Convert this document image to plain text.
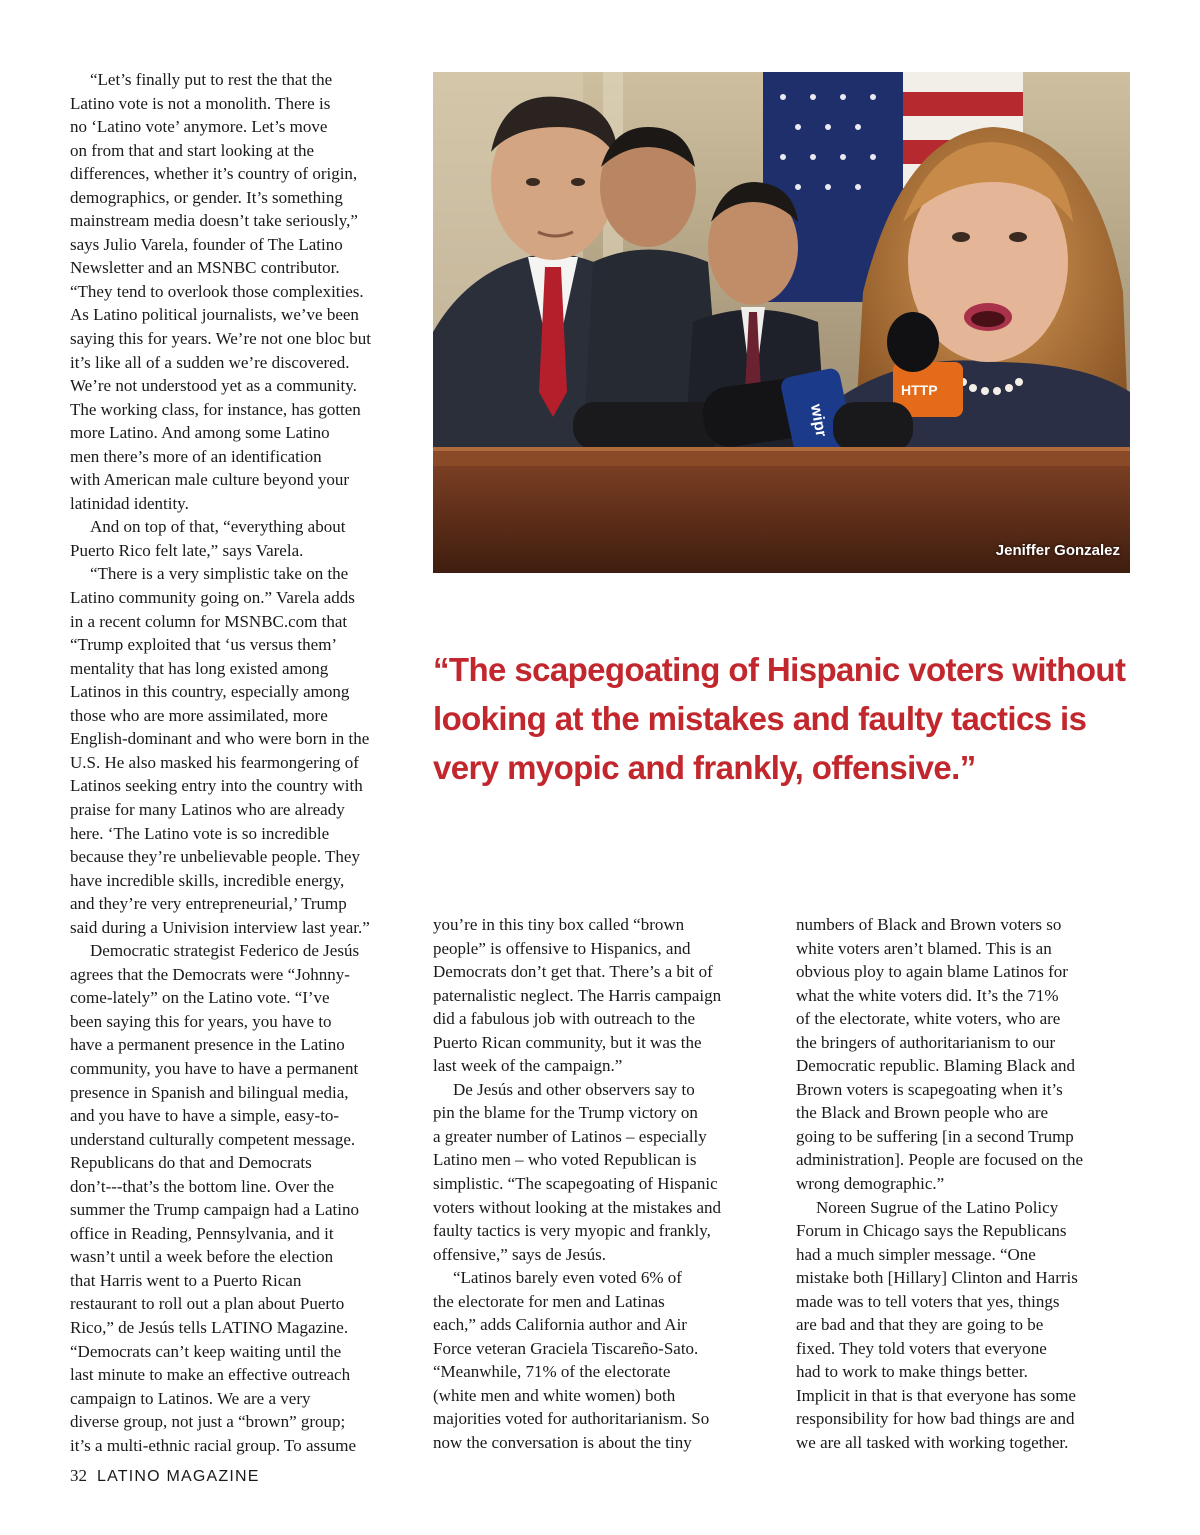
“Let’s finally put to rest the that the
Latino vote is not a monolith. There is
no ‘Latino vote’ anymore. Let’s move
on from that and start looking at the
differences, whether it’s country of origin,
demographics, or gender. It’s something
mainstream media doesn’t take seriously,”
says Julio Varela, founder of The Latino
Newsletter and an MSNBC contributor.
“They tend to overlook those complexities.
As Latino political journalists, we’ve been
saying this for years. We’re not one bloc but
it’s like all of a sudden we’re discovered.
We’re not understood yet as a community.
The working class, for instance, has gotten
more Latino. And among some Latino
men there’s more of an identification
with American male culture beyond your
latinidad identity.

And on top of that, “everything about
Puerto Rico felt late,” says Varela.

“There is a very simplistic take on the
Latino community going on.” Varela adds
in a recent column for MSNBC.com that
“Trump exploited that ‘us versus them’
mentality that has long existed among
Latinos in this country, especially among
those who are more assimilated, more
English-dominant and who were born in the
U.S. He also masked his fearmongering of
Latinos seeking entry into the country with
praise for many Latinos who are already
here. ‘The Latino vote is so incredible
because they’re unbelievable people. They
have incredible skills, incredible energy,
and they’re very entrepreneurial,’ Trump
said during a Univision interview last year.”

Democratic strategist Federico de Jesús
agrees that the Democrats were “Johnny-
come-lately” on the Latino vote. “I’ve
been saying this for years, you have to
have a permanent presence in the Latino
community, you have to have a permanent
presence in Spanish and bilingual media,
and you have to have a simple, easy-to-
understand culturally competent message.
Republicans do that and Democrats
don’t---that’s the bottom line. Over the
summer the Trump campaign had a Latino
office in Reading, Pennsylvania, and it
wasn’t until a week before the election
that Harris went to a Puerto Rican
restaurant to roll out a plan about Puerto
Rico,” de Jesús tells LATINO Magazine.
“Democrats can’t keep waiting until the
last minute to make an effective outreach
campaign to Latinos. We are a very
diverse group, not just a “brown” group;
it’s a multi-ethnic racial group. To assume

wipr
HTTP
Jeniffer Gonzalez

“The scapegoating of Hispanic voters without looking at the mistakes and faulty tactics is very myopic and frankly, offensive.”

you’re in this tiny box called “brown
people” is offensive to Hispanics, and
Democrats don’t get that. There’s a bit of
paternalistic neglect. The Harris campaign
did a fabulous job with outreach to the
Puerto Rican community, but it was the
last week of the campaign.”

De Jesús and other observers say to
pin the blame for the Trump victory on
a greater number of Latinos – especially
Latino men – who voted Republican is
simplistic. “The scapegoating of Hispanic
voters without looking at the mistakes and
faulty tactics is very myopic and frankly,
offensive,” says de Jesús.

“Latinos barely even voted 6% of
the electorate for men and Latinas
each,” adds California author and Air
Force veteran Graciela Tiscareño-Sato.
“Meanwhile, 71% of the electorate
(white men and white women) both
majorities voted for authoritarianism. So
now the conversation is about the tiny

numbers of Black and Brown voters so
white voters aren’t blamed. This is an
obvious ploy to again blame Latinos for
what the white voters did. It’s the 71%
of the electorate, white voters, who are
the bringers of authoritarianism to our
Democratic republic. Blaming Black and
Brown voters is scapegoating when it’s
the Black and Brown people who are
going to be suffering [in a second Trump
administration]. People are focused on the
wrong demographic.”

Noreen Sugrue of the Latino Policy
Forum in Chicago says the Republicans
had a much simpler message. “One
mistake both [Hillary] Clinton and Harris
made was to tell voters that yes, things
are bad and that they are going to be
fixed. They told voters that everyone
had to work to make things better.
Implicit in that is that everyone has some
responsibility for how bad things are and
we are all tasked with working together.

32 LATINO MAGAZINE
